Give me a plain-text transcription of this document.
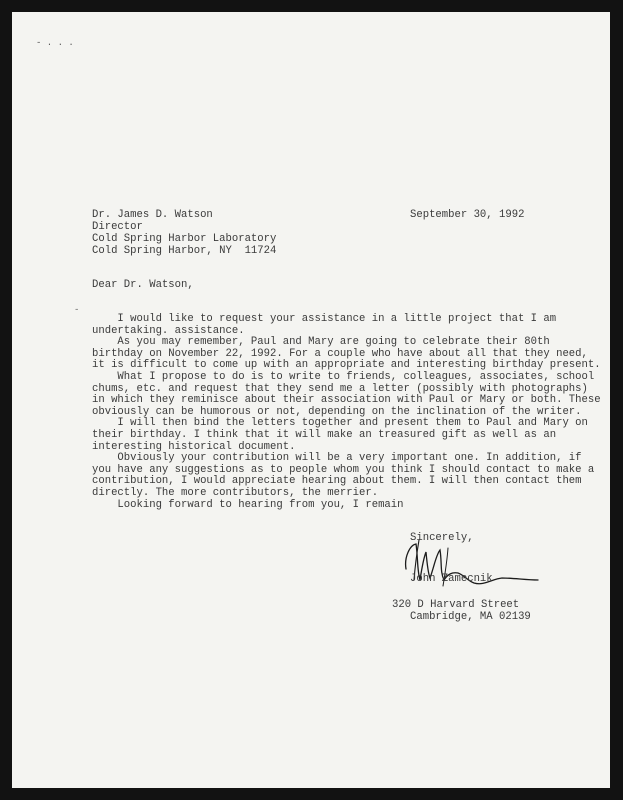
- . . .
September 30, 1992
Dr. James D. Watson
Director
Cold Spring Harbor Laboratory
Cold Spring Harbor, NY  11724
Dear Dr. Watson,
-
I would like to request your assistance in a little project that I am
undertaking. assistance.
As you may remember, Paul and Mary are going to celebrate their 80th
birthday on November 22, 1992. For a couple who have about all that they need,
it is difficult to come up with an appropriate and interesting birthday present.
What I propose to do is to write to friends, colleagues, associates, school
chums, etc. and request that they send me a letter (possibly with photographs)
in which they reminisce about their association with Paul or Mary or both. These
obviously can be humorous or not, depending on the inclination of the writer.
I will then bind the letters together and present them to Paul and Mary on
their birthday. I think that it will make an treasured gift as well as an
interesting historical document.
Obviously your contribution will be a very important one. In addition, if
you have any suggestions as to people whom you think I should contact to make a
contribution, I would appreciate hearing about them. I will then contact them
directly. The more contributors, the merrier.
Looking forward to hearing from you, I remain
Sincerely,
John Zamecnik
320 D Harvard Street
Cambridge, MA 02139
